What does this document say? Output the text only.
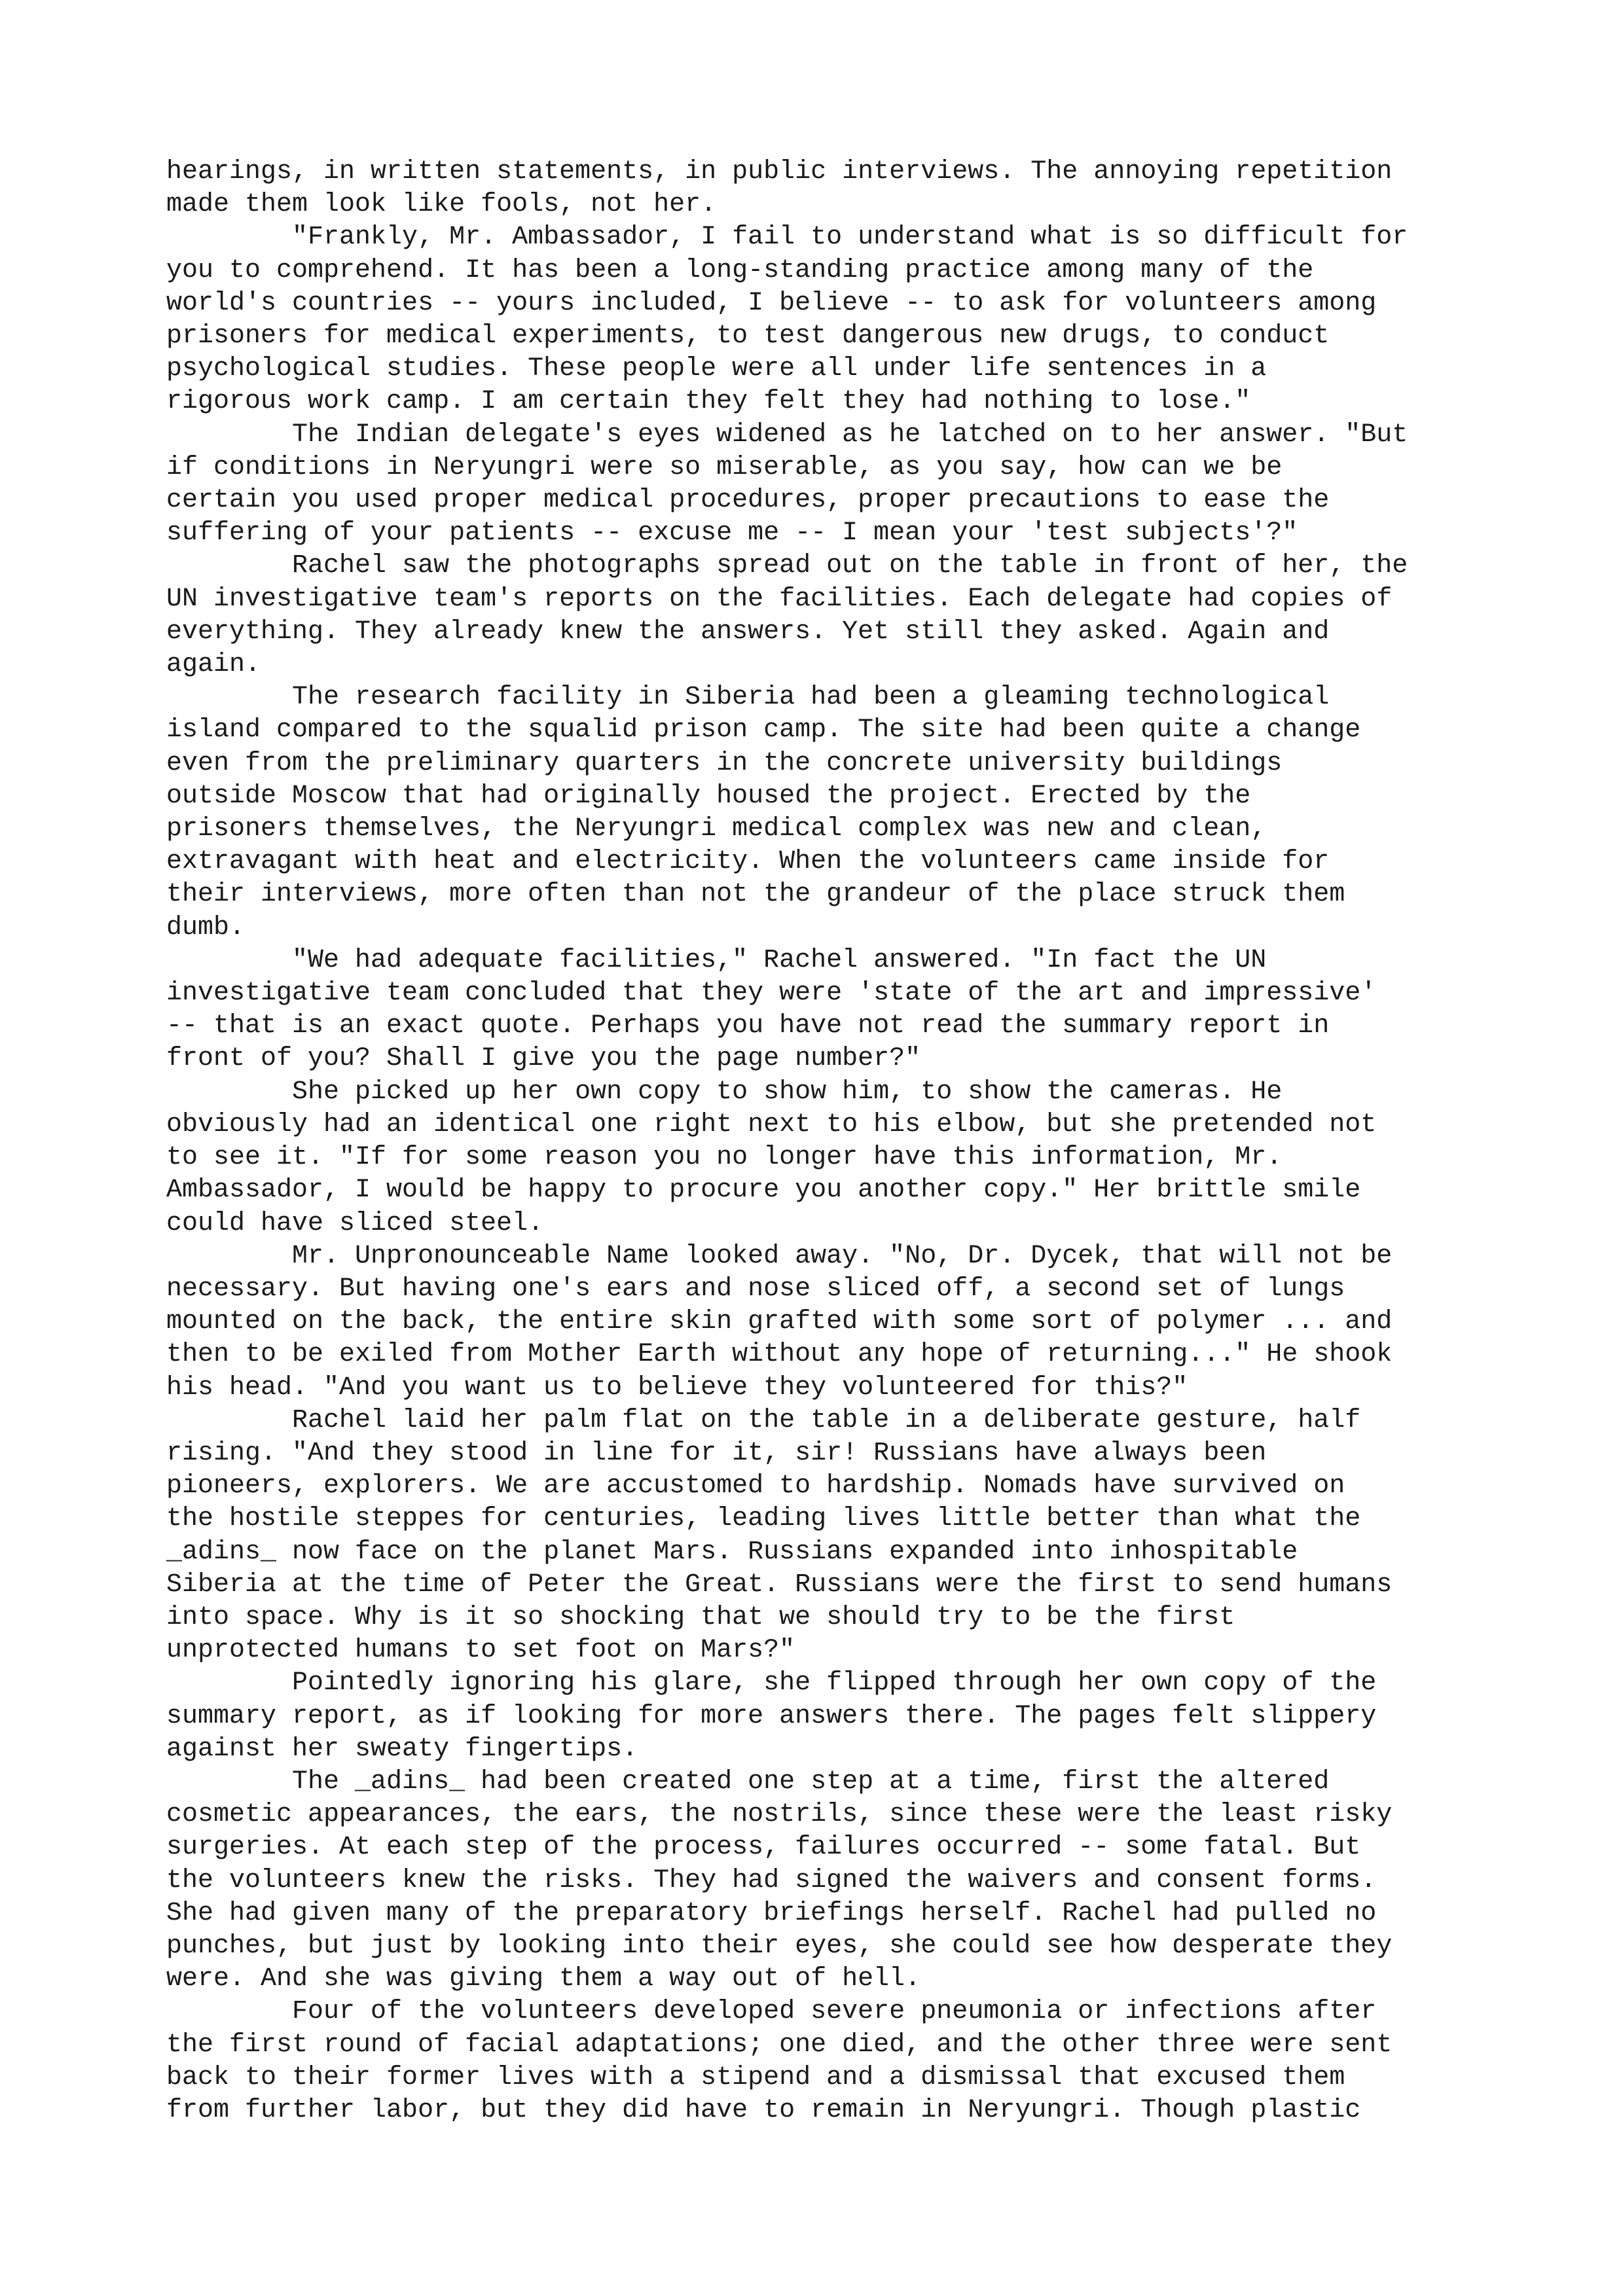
hearings, in written statements, in public interviews. The annoying repetition
made them look like fools, not her.

"Frankly, Mr. Ambassador, I fail to understand what is so difficult for
you to comprehend. It has been a long-standing practice among many of the
world's countries -- yours included, I believe -- to ask for volunteers among
prisoners for medical experiments, to test dangerous new drugs, to conduct
psychological studies. These people were all under life sentences in a
rigorous work camp. I am certain they felt they had nothing to lose."

The Indian delegate's eyes widened as he latched on to her answer. "But
if conditions in Neryungri were so miserable, as you say, how can we be
certain you used proper medical procedures, proper precautions to ease the
suffering of your patients -- excuse me -- I mean your 'test subjects'?"

Rachel saw the photographs spread out on the table in front of her, the
UN investigative team's reports on the facilities. Each delegate had copies of
everything. They already knew the answers. Yet still they asked. Again and
again.

The research facility in Siberia had been a gleaming technological
island compared to the squalid prison camp. The site had been quite a change
even from the preliminary quarters in the concrete university buildings
outside Moscow that had originally housed the project. Erected by the
prisoners themselves, the Neryungri medical complex was new and clean,
extravagant with heat and electricity. When the volunteers came inside for
their interviews, more often than not the grandeur of the place struck them
dumb.

"We had adequate facilities," Rachel answered. "In fact the UN
investigative team concluded that they were 'state of the art and impressive'
-- that is an exact quote. Perhaps you have not read the summary report in
front of you? Shall I give you the page number?"

She picked up her own copy to show him, to show the cameras. He
obviously had an identical one right next to his elbow, but she pretended not
to see it. "If for some reason you no longer have this information, Mr.
Ambassador, I would be happy to procure you another copy." Her brittle smile
could have sliced steel.

Mr. Unpronounceable Name looked away. "No, Dr. Dycek, that will not be
necessary. But having one's ears and nose sliced off, a second set of lungs
mounted on the back, the entire skin grafted with some sort of polymer ... and
then to be exiled from Mother Earth without any hope of returning..." He shook
his head. "And you want us to believe they volunteered for this?"

Rachel laid her palm flat on the table in a deliberate gesture, half
rising. "And they stood in line for it, sir! Russians have always been
pioneers, explorers. We are accustomed to hardship. Nomads have survived on
the hostile steppes for centuries, leading lives little better than what the
_adins_ now face on the planet Mars. Russians expanded into inhospitable
Siberia at the time of Peter the Great. Russians were the first to send humans
into space. Why is it so shocking that we should try to be the first
unprotected humans to set foot on Mars?"

Pointedly ignoring his glare, she flipped through her own copy of the
summary report, as if looking for more answers there. The pages felt slippery
against her sweaty fingertips.

The _adins_ had been created one step at a time, first the altered
cosmetic appearances, the ears, the nostrils, since these were the least risky
surgeries. At each step of the process, failures occurred -- some fatal. But
the volunteers knew the risks. They had signed the waivers and consent forms.
She had given many of the preparatory briefings herself. Rachel had pulled no
punches, but just by looking into their eyes, she could see how desperate they
were. And she was giving them a way out of hell.

Four of the volunteers developed severe pneumonia or infections after
the first round of facial adaptations; one died, and the other three were sent
back to their former lives with a stipend and a dismissal that excused them
from further labor, but they did have to remain in Neryungri. Though plastic
